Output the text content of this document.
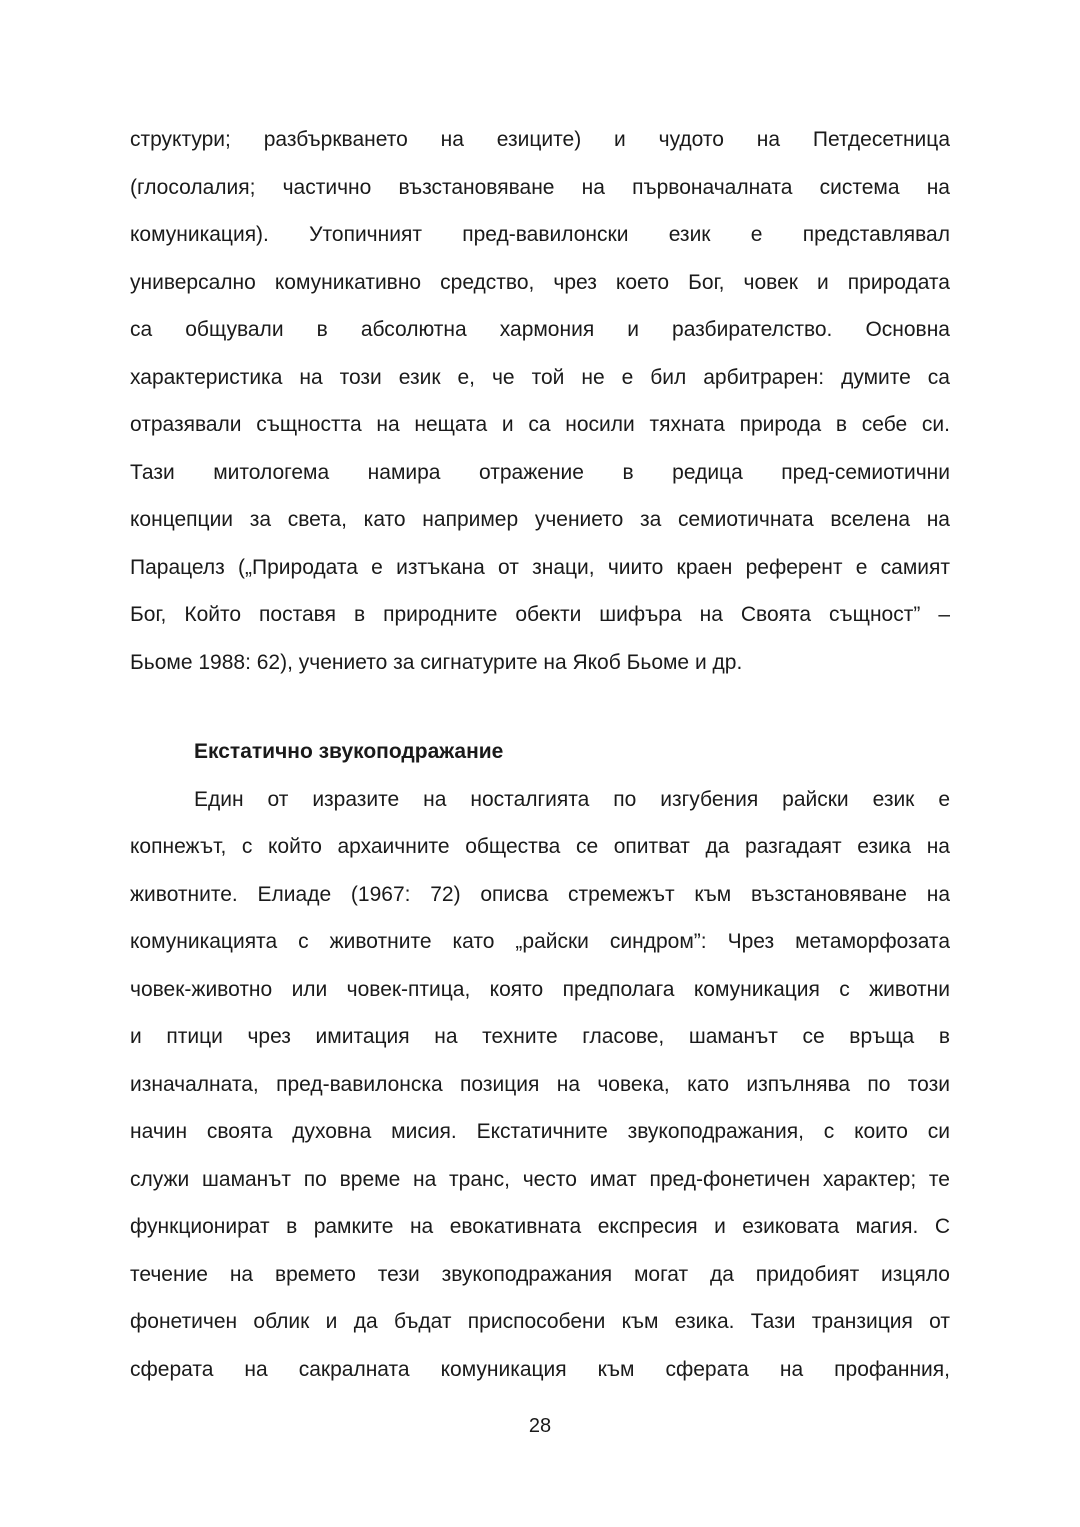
структури; разбъркването на езиците) и чудото на Петдесетница
(глосолалия; частично възстановяване на първоначалната система на
комуникация). Утопичният пред-вавилонски език е представлявал
универсално комуникативно средство, чрез което Бог, човек и природата
са общували в абсолютна хармония и разбирателство. Основна
характеристика на този език е, че той не е бил арбитрарен: думите са
отразявали същността на нещата и са носили тяхната природа в себе си.
Тази митологема намира отражение в редица пред-семиотични
концепции за света, като например учението за семиотичната вселена на
Парацелз („Природата е изтъкана от знаци, чиито краен референт е самият
Бог, Който поставя в природните обекти шифъра на Своята същност” –
Бьоме 1988: 62), учението за сигнатурите на Якоб Бьоме и др.
Екстатично звукоподражание
Един от изразите на носталгията по изгубения райски език е
копнежът, с който архаичните общества се опитват да разгадаят езика на
животните. Елиаде (1967: 72) описва стремежът към възстановяване на
комуникацията с животните като „райски синдром”: Чрез метаморфозата
човек-животно или човек-птица, която предполага комуникация с животни
и птици чрез имитация на техните гласове, шаманът се връща в
изначалната, пред-вавилонска позиция на човека, като изпълнява по този
начин своята духовна мисия. Екстатичните звукоподражания, с които си
служи шаманът по време на транс, често имат пред-фонетичен характер; те
функционират в рамките на евокативната експресия и езиковата магия. С
течение на времето тези звукоподражания могат да придобият изцяло
фонетичен облик и да бъдат приспособени към езика. Тази транзиция от
сферата на сакралната комуникация към сферата на профанния,
28
